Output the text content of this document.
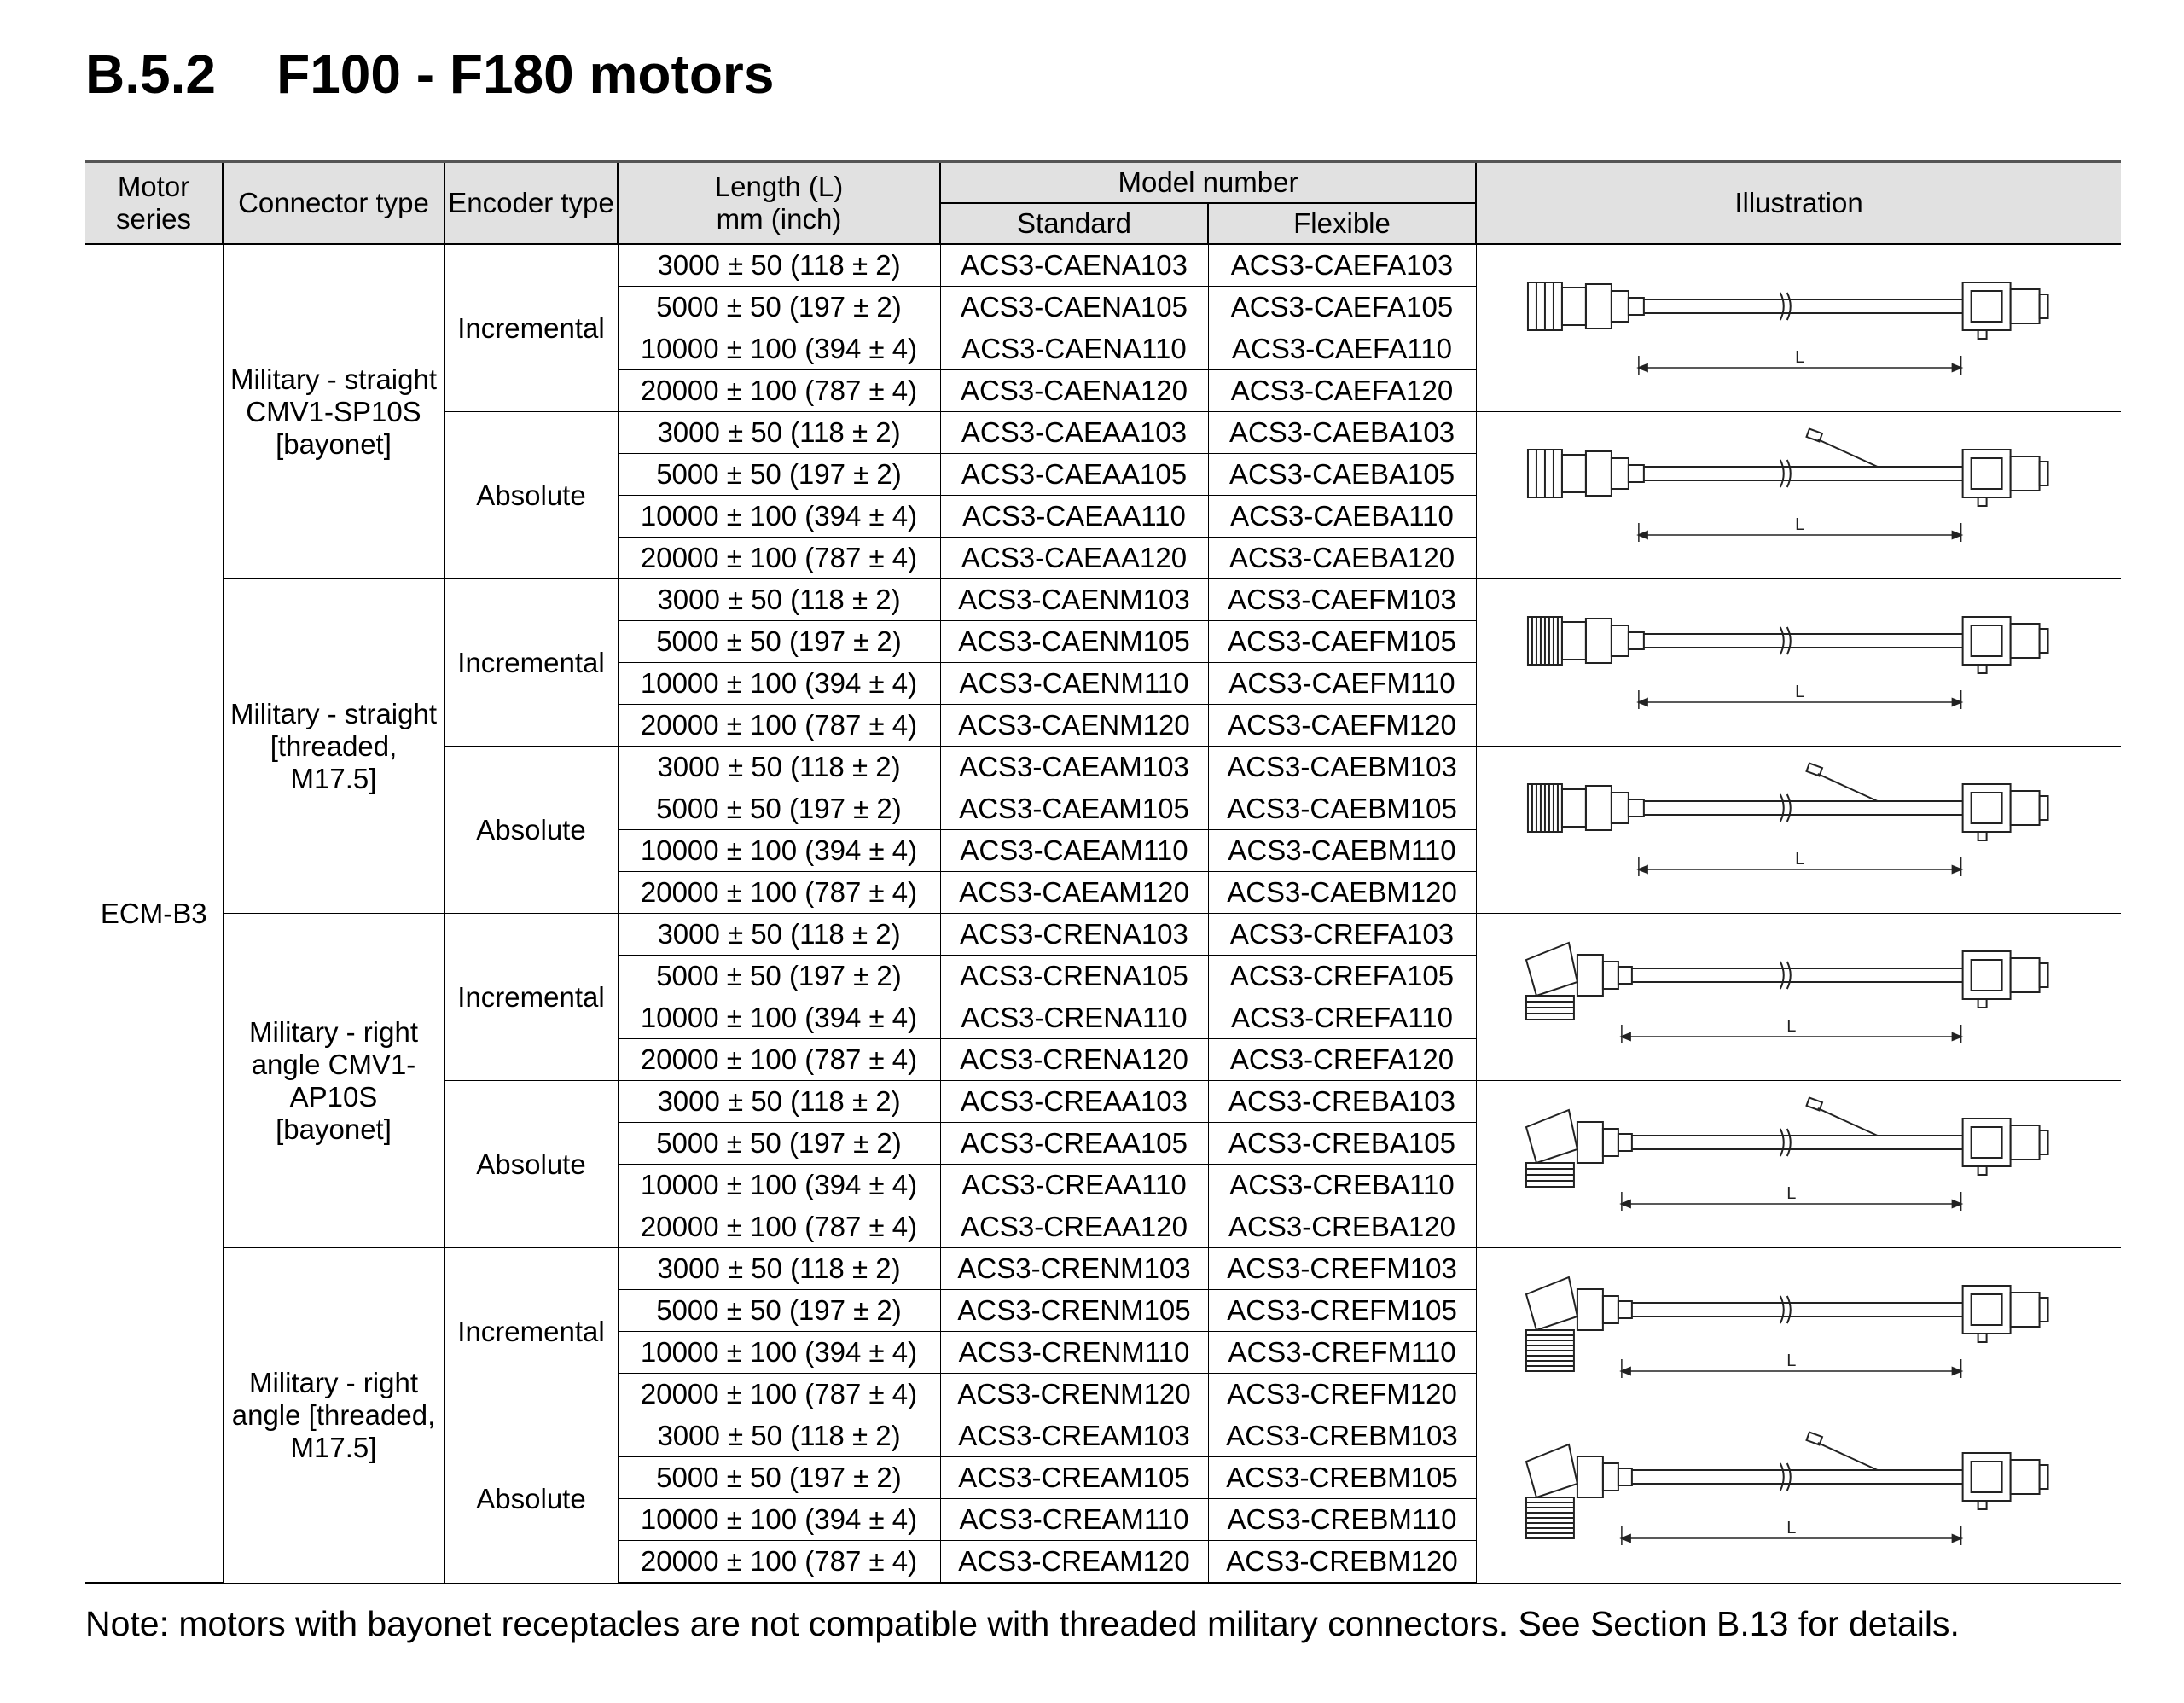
B.5.2    F100 - F180 motors
Motor series	Connector type	Encoder type	Length (L) mm (inch)	Model number		Illustration
				Standard	Flexible	
ECM-B3	Military - straight CMV1-SP10S [bayonet]	Incremental	3000 ± 50 (118 ± 2)	ACS3-CAENA103	ACS3-CAEFA103	L

			5000 ± 50 (197 ± 2)	ACS3-CAENA105	ACS3-CAEFA105	
			10000 ± 100 (394 ± 4)	ACS3-CAENA110	ACS3-CAEFA110	
			20000 ± 100 (787 ± 4)	ACS3-CAENA120	ACS3-CAEFA120	
		Absolute	3000 ± 50 (118 ± 2)	ACS3-CAEAA103	ACS3-CAEBA103	L

			5000 ± 50 (197 ± 2)	ACS3-CAEAA105	ACS3-CAEBA105	
			10000 ± 100 (394 ± 4)	ACS3-CAEAA110	ACS3-CAEBA110	
			20000 ± 100 (787 ± 4)	ACS3-CAEAA120	ACS3-CAEBA120	
	Military - straight [threaded, M17.5]	Incremental	3000 ± 50 (118 ± 2)	ACS3-CAENM103	ACS3-CAEFM103	L

			5000 ± 50 (197 ± 2)	ACS3-CAENM105	ACS3-CAEFM105	
			10000 ± 100 (394 ± 4)	ACS3-CAENM110	ACS3-CAEFM110	
			20000 ± 100 (787 ± 4)	ACS3-CAENM120	ACS3-CAEFM120	
		Absolute	3000 ± 50 (118 ± 2)	ACS3-CAEAM103	ACS3-CAEBM103	L

			5000 ± 50 (197 ± 2)	ACS3-CAEAM105	ACS3-CAEBM105	
			10000 ± 100 (394 ± 4)	ACS3-CAEAM110	ACS3-CAEBM110	
			20000 ± 100 (787 ± 4)	ACS3-CAEAM120	ACS3-CAEBM120	
	Military - right angle CMV1-AP10S [bayonet]	Incremental	3000 ± 50 (118 ± 2)	ACS3-CRENA103	ACS3-CREFA103	L

			5000 ± 50 (197 ± 2)	ACS3-CRENA105	ACS3-CREFA105	
			10000 ± 100 (394 ± 4)	ACS3-CRENA110	ACS3-CREFA110	
			20000 ± 100 (787 ± 4)	ACS3-CRENA120	ACS3-CREFA120	
		Absolute	3000 ± 50 (118 ± 2)	ACS3-CREAA103	ACS3-CREBA103	L

			5000 ± 50 (197 ± 2)	ACS3-CREAA105	ACS3-CREBA105	
			10000 ± 100 (394 ± 4)	ACS3-CREAA110	ACS3-CREBA110	
			20000 ± 100 (787 ± 4)	ACS3-CREAA120	ACS3-CREBA120	
	Military - right angle [threaded, M17.5]	Incremental	3000 ± 50 (118 ± 2)	ACS3-CRENM103	ACS3-CREFM103	L

			5000 ± 50 (197 ± 2)	ACS3-CRENM105	ACS3-CREFM105	
			10000 ± 100 (394 ± 4)	ACS3-CRENM110	ACS3-CREFM110	
			20000 ± 100 (787 ± 4)	ACS3-CRENM120	ACS3-CREFM120	
		Absolute	3000 ± 50 (118 ± 2)	ACS3-CREAM103	ACS3-CREBM103	L

			5000 ± 50 (197 ± 2)	ACS3-CREAM105	ACS3-CREBM105	
			10000 ± 100 (394 ± 4)	ACS3-CREAM110	ACS3-CREBM110	
			20000 ± 100 (787 ± 4)	ACS3-CREAM120	ACS3-CREBM120	

Note: motors with bayonet receptacles are not compatible with threaded military connectors. See Section B.13 for details.
